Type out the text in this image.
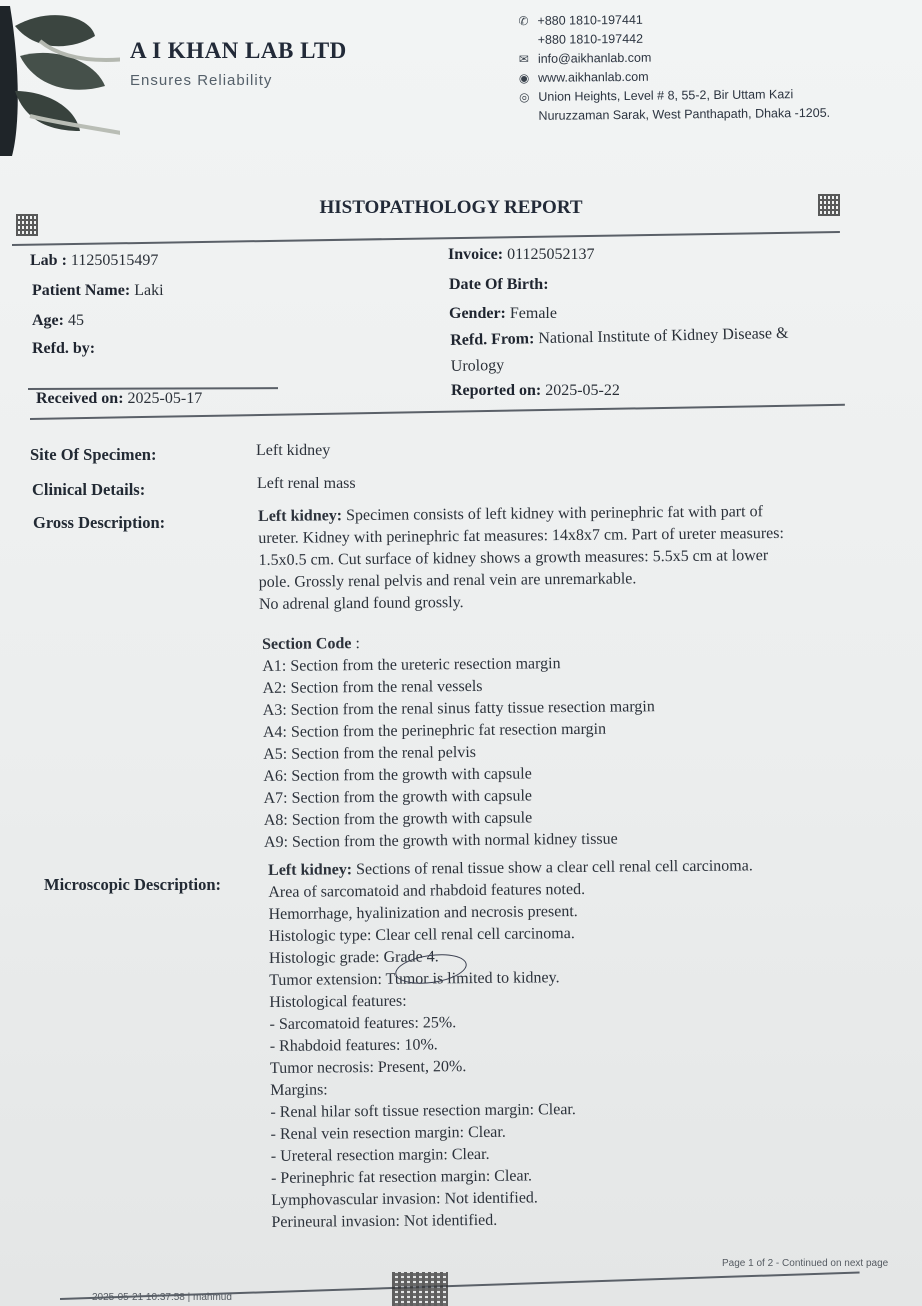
A I KHAN LAB LTD
Ensures Reliability
✆ +880 1810-197441
+880 1810-197442
✉ info@aikhanlab.com
◉ www.aikhanlab.com
◎ Union Heights, Level # 8, 55-2, Bir Uttam Kazi
Nuruzzaman Sarak, West Panthapath, Dhaka -1205.
HISTOPATHOLOGY REPORT
Lab : 11250515497	Invoice: 01125052137
Patient Name: Laki	Date Of Birth:
Age: 45	Gender: Female
Refd. by:	Refd. From: National Institute of Kidney Disease &
Urology
Received on: 2025-05-17	Reported on: 2025-05-22
Site Of Specimen:	Left kidney
Clinical Details:	Left renal mass
Gross Description:	Left kidney: Specimen consists of left kidney with perinephric fat with part of
ureter. Kidney with perinephric fat measures: 14x8x7 cm. Part of ureter measures:
1.5x0.5 cm. Cut surface of kidney shows a growth measures: 5.5x5 cm at lower
pole. Grossly renal pelvis and renal vein are unremarkable.
No adrenal gland found grossly.
Section Code :
A1: Section from the ureteric resection margin
A2: Section from the renal vessels
A3: Section from the renal sinus fatty tissue resection margin
A4: Section from the perinephric fat resection margin
A5: Section from the renal pelvis
A6: Section from the growth with capsule
A7: Section from the growth with capsule
A8: Section from the growth with capsule
A9: Section from the growth with normal kidney tissue
Microscopic Description:
Left kidney: Sections of renal tissue show a clear cell renal cell carcinoma.
Area of sarcomatoid and rhabdoid features noted.
Hemorrhage, hyalinization and necrosis present.
Histologic type: Clear cell renal cell carcinoma.
Histologic grade: Grade 4.
Tumor extension: Tumor is limited to kidney.
Histological features:
- Sarcomatoid features: 25%.
- Rhabdoid features: 10%.
Tumor necrosis: Present, 20%.
Margins:
- Renal hilar soft tissue resection margin: Clear.
- Renal vein resection margin: Clear.
- Ureteral resection margin: Clear.
- Perinephric fat resection margin: Clear.
Lymphovascular invasion: Not identified.
Perineural invasion: Not identified.
Page 1 of 2 - Continued on next page
2025-05-21 10:37:58 | mahmud
